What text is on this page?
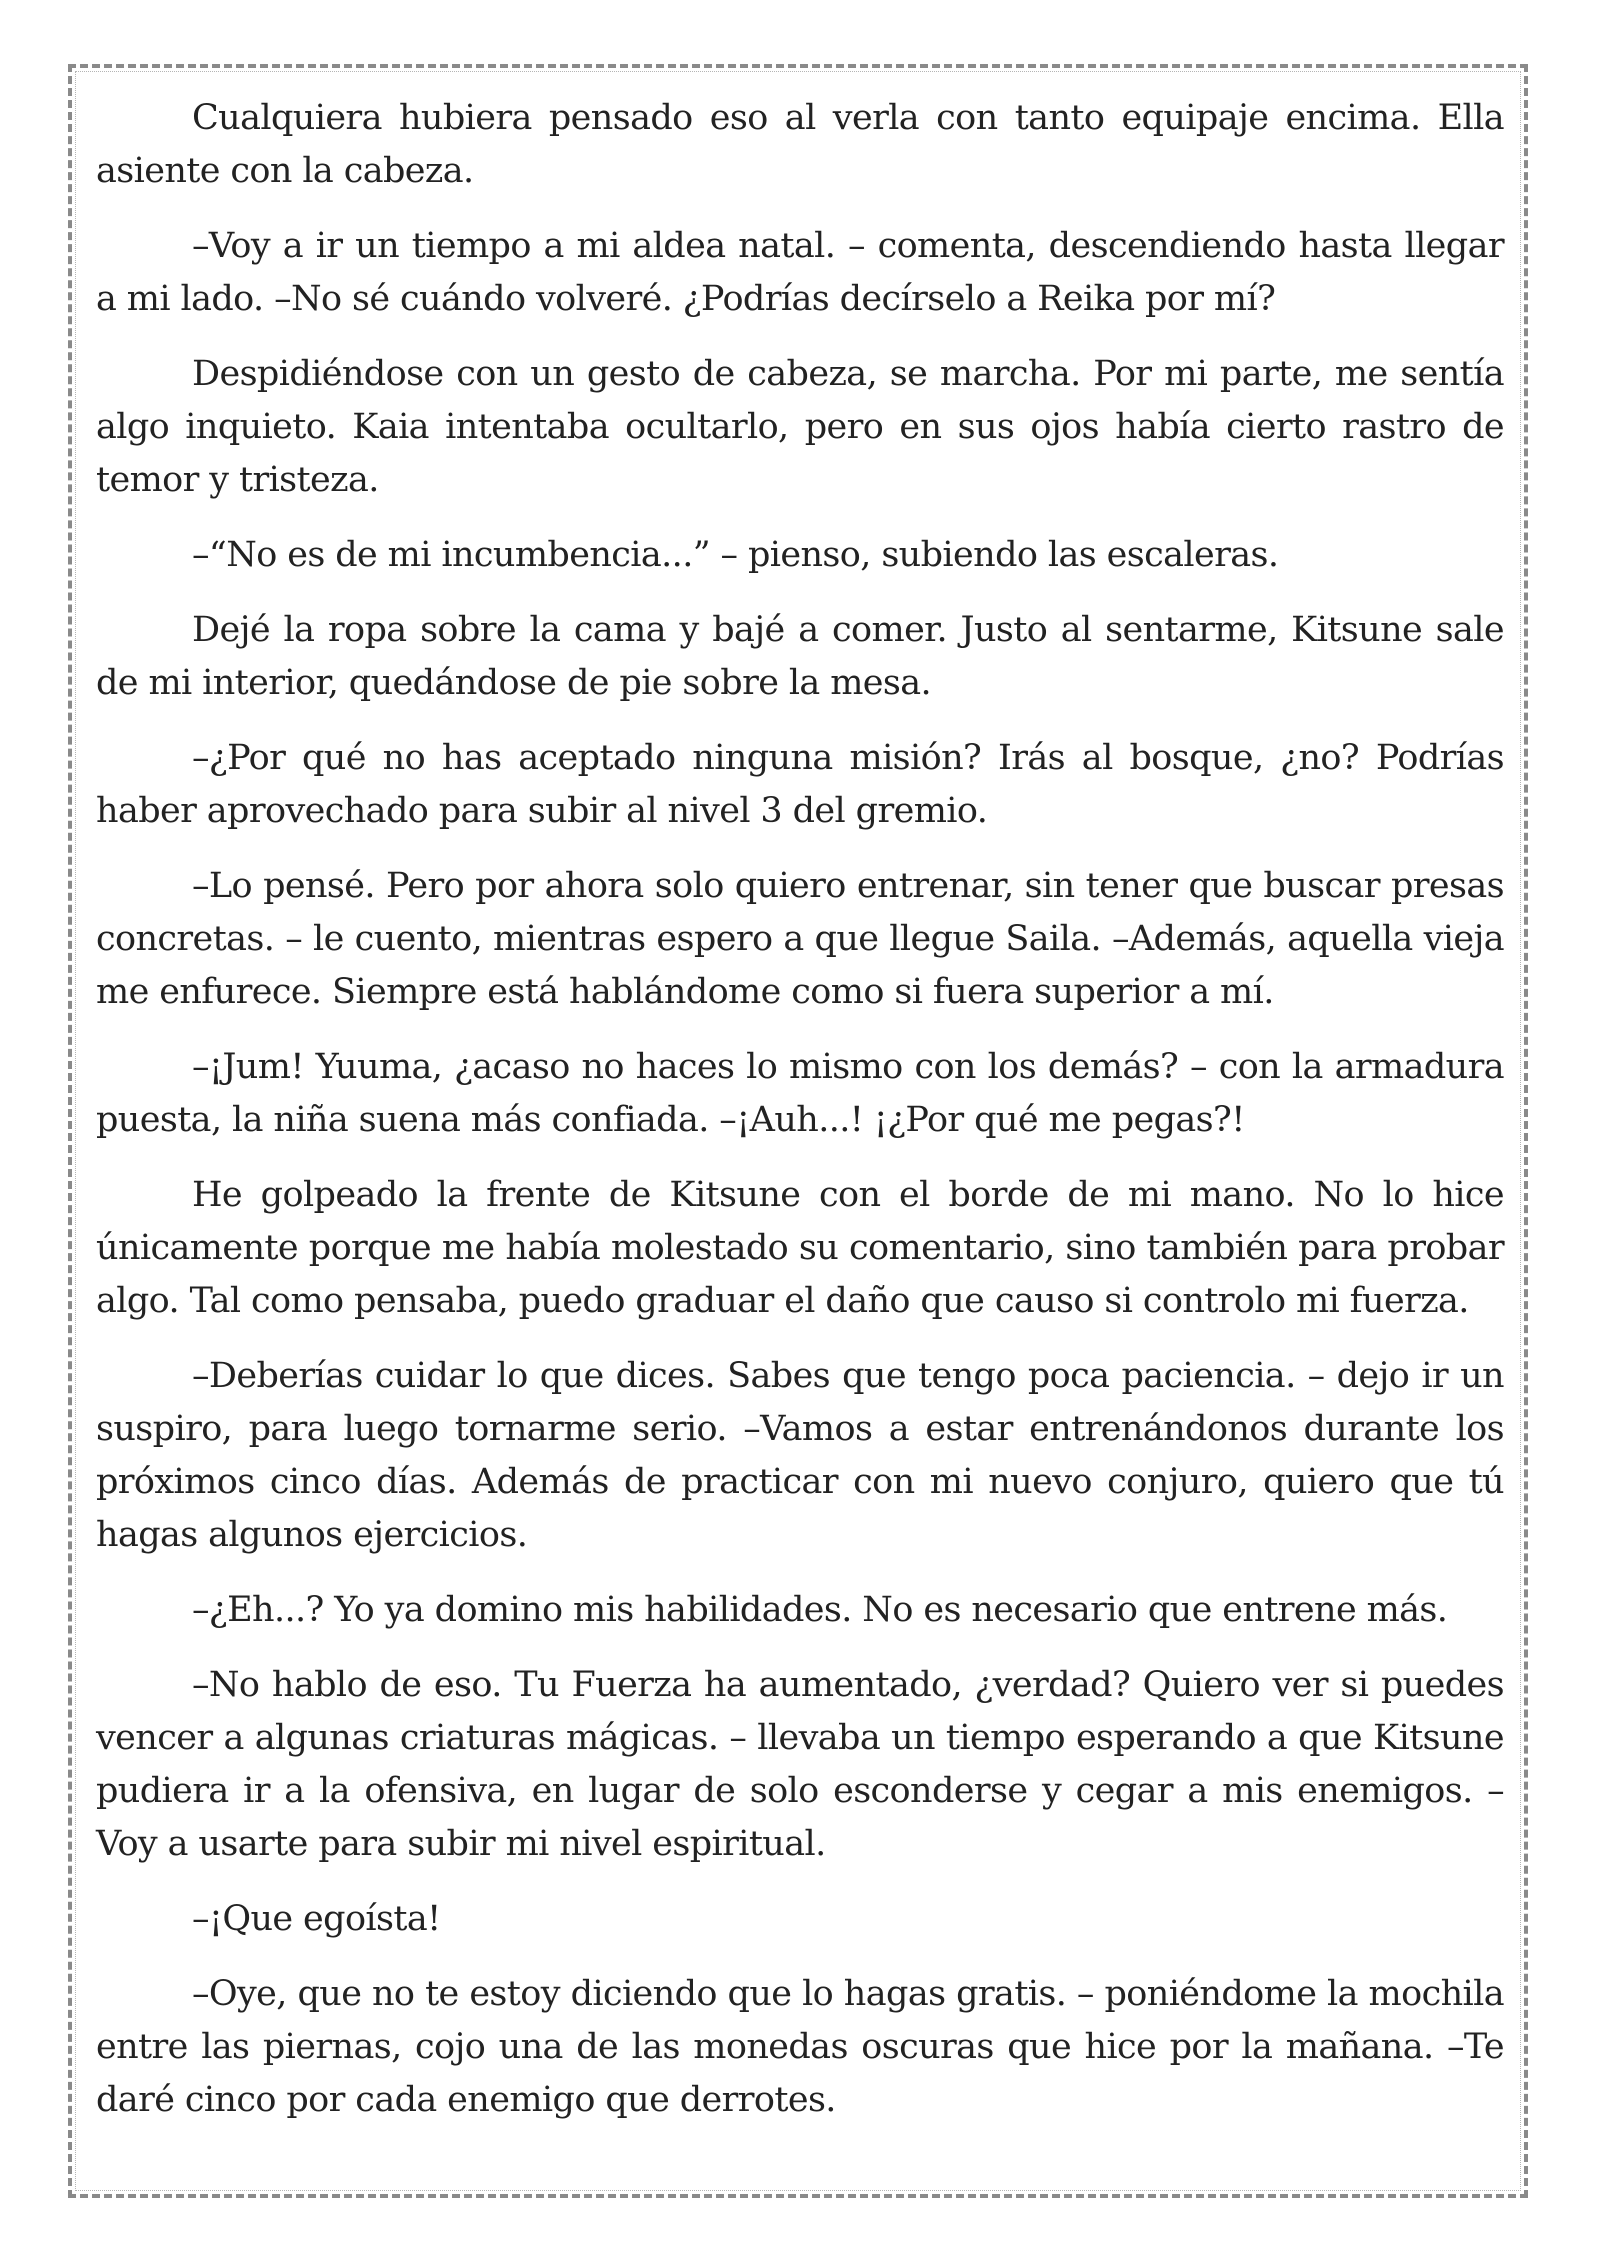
Cualquiera hubiera pensado eso al verla con tanto equipaje encima. Ella asiente con la cabeza.

–Voy a ir un tiempo a mi aldea natal. – comenta, descendiendo hasta llegar a mi lado. –No sé cuándo volveré. ¿Podrías decírselo a Reika por mí?

Despidiéndose con un gesto de cabeza, se marcha. Por mi parte, me sentía algo inquieto. Kaia intentaba ocultarlo, pero en sus ojos había cierto rastro de temor y tristeza.

–“No es de mi incumbencia...” – pienso, subiendo las escaleras.

Dejé la ropa sobre la cama y bajé a comer. Justo al sentarme, Kitsune sale de mi interior, quedándose de pie sobre la mesa.

–¿Por qué no has aceptado ninguna misión? Irás al bosque, ¿no? Podrías haber aprovechado para subir al nivel 3 del gremio.

–Lo pensé. Pero por ahora solo quiero entrenar, sin tener que buscar presas concretas. – le cuento, mientras espero a que llegue Saila. –Además, aquella vieja me enfurece. Siempre está hablándome como si fuera superior a mí.

–¡Jum! Yuuma, ¿acaso no haces lo mismo con los demás? – con la armadura puesta, la niña suena más confiada. –¡Auh...! ¡¿Por qué me pegas?!

He golpeado la frente de Kitsune con el borde de mi mano. No lo hice únicamente porque me había molestado su comentario, sino también para probar algo. Tal como pensaba, puedo graduar el daño que causo si controlo mi fuerza.

–Deberías cuidar lo que dices. Sabes que tengo poca paciencia. – dejo ir un suspiro, para luego tornarme serio. –Vamos a estar entrenándonos durante los próximos cinco días. Además de practicar con mi nuevo conjuro, quiero que tú hagas algunos ejercicios.

–¿Eh...? Yo ya domino mis habilidades. No es necesario que entrene más.

–No hablo de eso. Tu Fuerza ha aumentado, ¿verdad? Quiero ver si puedes vencer a algunas criaturas mágicas. – llevaba un tiempo esperando a que Kitsune pudiera ir a la ofensiva, en lugar de solo esconderse y cegar a mis enemigos. –Voy a usarte para subir mi nivel espiritual.

–¡Que egoísta!

–Oye, que no te estoy diciendo que lo hagas gratis. – poniéndome la mochila entre las piernas, cojo una de las monedas oscuras que hice por la mañana. –Te daré cinco por cada enemigo que derrotes.
